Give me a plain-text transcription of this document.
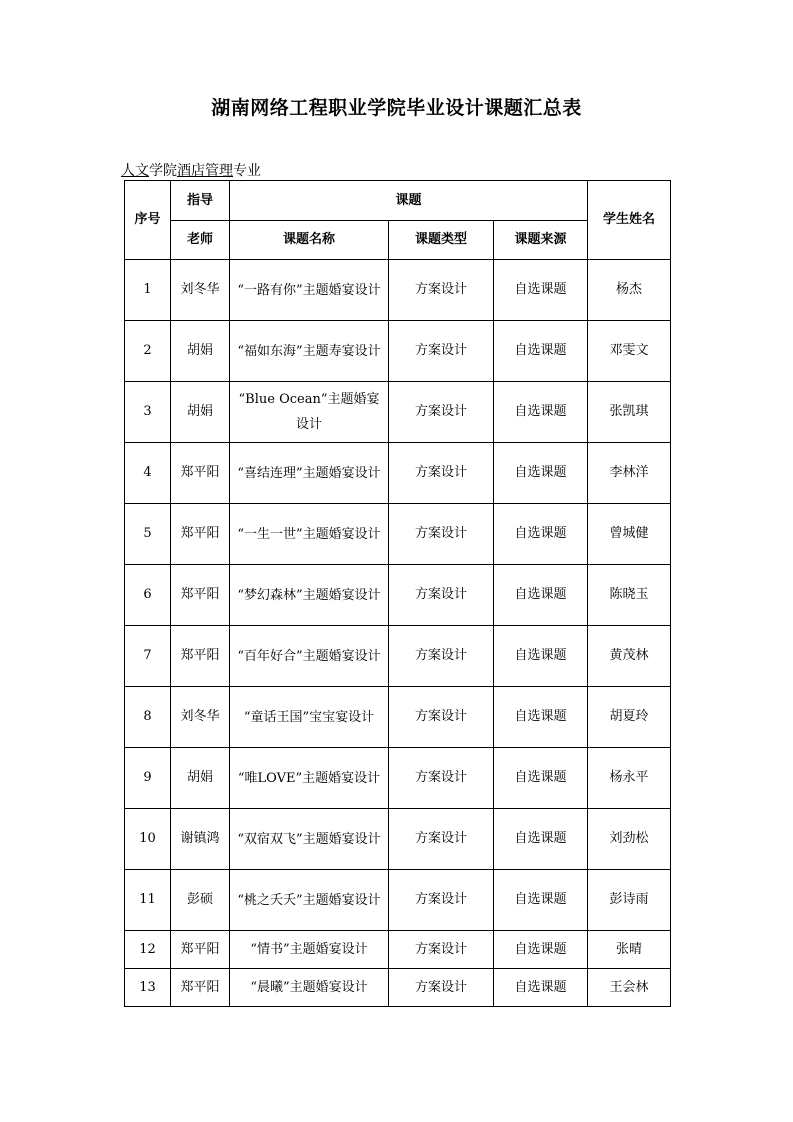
湖南网络工程职业学院毕业设计课题汇总表
人文学院酒店管理专业
序号	指导	课题			学生姓名
	老师	课题名称	课题类型	课题来源	
1	刘冬华	“一路有你”主题婚宴设计	方案设计	自选课题	杨杰
2	胡娟	“福如东海”主题寿宴设计	方案设计	自选课题	邓雯文
3	胡娟	“Blue Ocean”主题婚宴设计	方案设计	自选课题	张凯琪
4	郑平阳	“喜结连理”主题婚宴设计	方案设计	自选课题	李林洋
5	郑平阳	“一生一世”主题婚宴设计	方案设计	自选课题	曾城健
6	郑平阳	“梦幻森林”主题婚宴设计	方案设计	自选课题	陈晓玉
7	郑平阳	“百年好合”主题婚宴设计	方案设计	自选课题	黄茂林
8	刘冬华	“童话王国”宝宝宴设计	方案设计	自选课题	胡夏玲
9	胡娟	“唯LOVE”主题婚宴设计	方案设计	自选课题	杨永平
10	谢镇鸿	“双宿双飞”主题婚宴设计	方案设计	自选课题	刘劲松
11	彭硕	“桃之夭夭”主题婚宴设计	方案设计	自选课题	彭诗雨
12	郑平阳	“情书”主题婚宴设计	方案设计	自选课题	张晴
13	郑平阳	“晨曦”主题婚宴设计	方案设计	自选课题	王会林
